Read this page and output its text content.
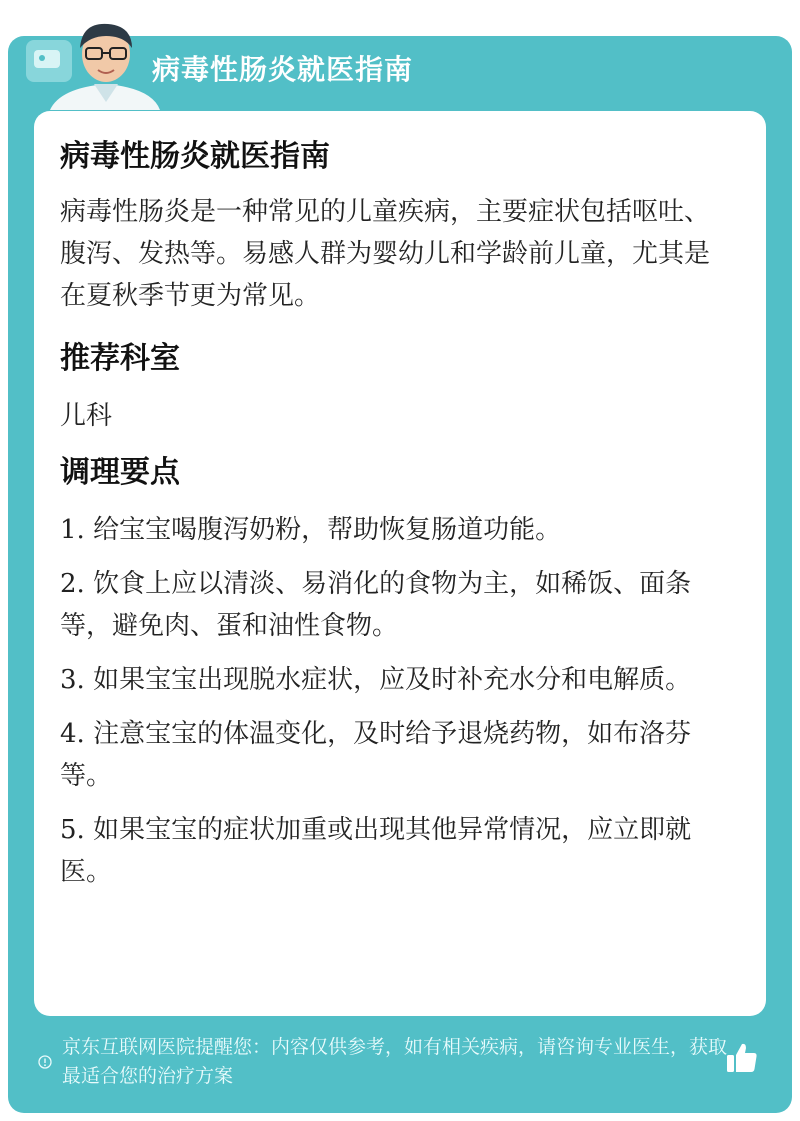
病毒性肠炎就医指南
病毒性肠炎就医指南

病毒性肠炎是一种常见的儿童疾病，主要症状包括呕吐、腹泻、发热等。易感人群为婴幼儿和学龄前儿童，尤其是在夏秋季节更为常见。

推荐科室

儿科

调理要点

1. 给宝宝喝腹泻奶粉，帮助恢复肠道功能。

2. 饮食上应以清淡、易消化的食物为主，如稀饭、面条等，避免肉、蛋和油性食物。

3. 如果宝宝出现脱水症状，应及时补充水分和电解质。

4. 注意宝宝的体温变化，及时给予退烧药物，如布洛芬等。

5. 如果宝宝的症状加重或出现其他异常情况，应立即就医。

京东互联网医院提醒您：内容仅供参考，如有相关疾病，请咨询专业医生，获取最适合您的治疗方案
